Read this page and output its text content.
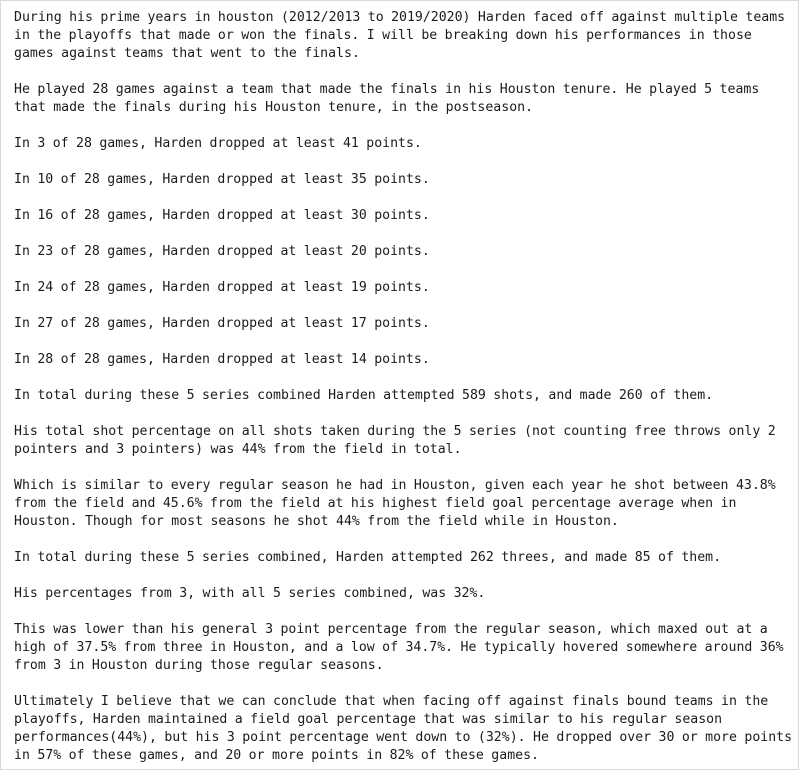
During his prime years in houston (2012/2013 to 2019/2020) Harden faced off against multiple teams in the playoffs that made or won the finals. I will be breaking down his performances in those games against teams that went to the finals.

He played 28 games against a team that made the finals in his Houston tenure. He played 5 teams that made the finals during his Houston tenure, in the postseason.

In 3 of 28 games, Harden dropped at least 41 points.

In 10 of 28 games, Harden dropped at least 35 points.

In 16 of 28 games, Harden dropped at least 30 points.

In 23 of 28 games, Harden dropped at least 20 points.

In 24 of 28 games, Harden dropped at least 19 points.

In 27 of 28 games, Harden dropped at least 17 points.

In 28 of 28 games, Harden dropped at least 14 points.

In total during these 5 series combined Harden attempted 589 shots, and made 260 of them.

His total shot percentage on all shots taken during the 5 series (not counting free throws only 2 pointers and 3 pointers) was 44% from the field in total.

Which is similar to every regular season he had in Houston, given each year he shot between 43.8% from the field and 45.6% from the field at his highest field goal percentage average when in Houston. Though for most seasons he shot 44% from the field while in Houston.

In total during these 5 series combined, Harden attempted 262 threes, and made 85 of them.

His percentages from 3, with all 5 series combined, was 32%.

This was lower than his general 3 point percentage from the regular season, which maxed out at a high of 37.5% from three in Houston, and a low of 34.7%. He typically hovered somewhere around 36% from 3 in Houston during those regular seasons.

Ultimately I believe that we can conclude that when facing off against finals bound teams in the playoffs, Harden maintained a field goal percentage that was similar to his regular season performances(44%), but his 3 point percentage went down to (32%). He dropped over 30 or more points in 57% of these games, and 20 or more points in 82% of these games.
